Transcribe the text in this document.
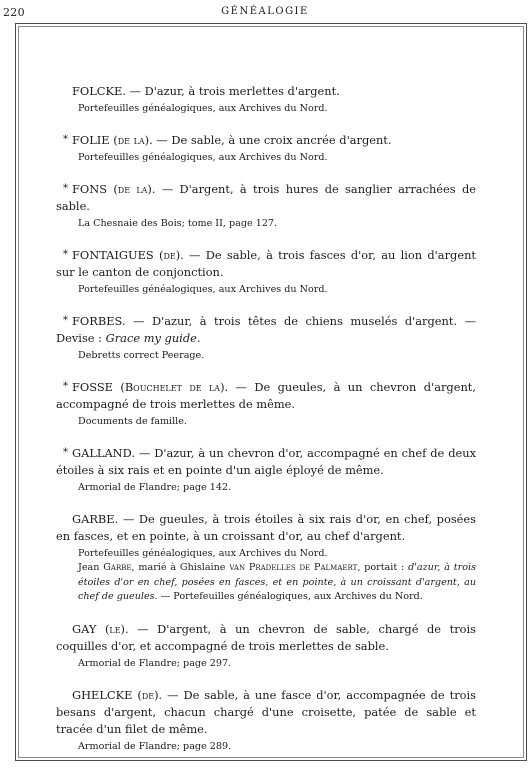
220	GÉNÉALOGIE
FOLCKE. — D'azur, à trois merlettes d'argent.
Portefeuilles généalogiques, aux Archives du Nord.
* FOLIE (de la). — De sable, à une croix ancrée d'argent.
Portefeuilles généalogiques, aux Archives du Nord.
* FONS (de la). — D'argent, à trois hures de sanglier arrachées de sable.
La Chesnaie des Bois; tome II, page 127.
* FONTAIGUES (de). — De sable, à trois fasces d'or, au lion d'argent sur le canton de conjonction.
Portefeuilles généalogiques, aux Archives du Nord.
* FORBES. — D'azur, à trois têtes de chiens muselés d'argent. — Devise : Grace my guide.
Debretts correct Peerage.
* FOSSE (Bouchelet de la). — De gueules, à un chevron d'argent, accompagné de trois merlettes de même.
Documents de famille.
* GALLAND. — D'azur, à un chevron d'or, accompagné en chef de deux étoiles à six rais et en pointe d'un aigle éployé de même.
Armorial de Flandre; page 142.
GARBE. — De gueules, à trois étoiles à six rais d'or, en chef, posées en fasces, et en pointe, à un croissant d'or, au chef d'argent.
Portefeuilles généalogiques, aux Archives du Nord.
Jean Garbe, marié à Ghislaine van Pradelles de Palmaert, portait : d'azur, à trois étoiles d'or en chef, posées en fasces, et en pointe, à un croissant d'argent, au chef de gueules. — Portefeuilles généalogiques, aux Archives du Nord.
GAY (le). — D'argent, à un chevron de sable, chargé de trois coquilles d'or, et accompagné de trois merlettes de sable.
Armorial de Flandre; page 297.
GHELCKE (de). — De sable, à une fasce d'or, accompagnée de trois besans d'argent, chacun chargé d'une croisette, patée de sable et tracée d'un filet de même.
Armorial de Flandre; page 289.
